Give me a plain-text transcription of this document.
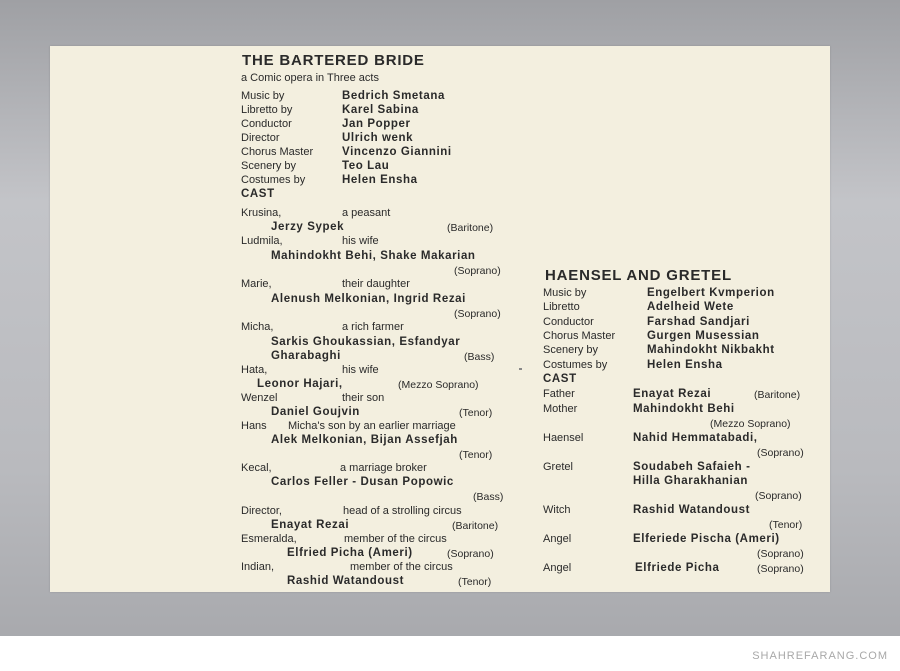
SHAHREFARANG.COM
THE BARTERED BRIDE
a Comic opera in Three acts
Music by	Bedrich Smetana
Libretto by	Karel Sabina
Conductor	Jan Popper
Director	Ulrich wenk
Chorus Master	Vincenzo Giannini
Scenery by	Teo Lau
Costumes by	Helen Ensha
CAST
Krusina,	a peasant
Jerzy Sypek	(Baritone)
Ludmila,	his wife
Mahindokht Behi, Shake Makarian
(Soprano)
Marie,	their daughter
Alenush Melkonian, Ingrid Rezai
(Soprano)
Micha,	a rich farmer
Sarkis Ghoukassian, Esfandyar
Gharabaghi	(Bass)
Hata,	his wife
Leonor Hajari,	(Mezzo Soprano)
Wenzel	their son
Daniel Goujvin	(Tenor)
Hans Micha's son by an earlier marriage
Alek Melkonian, Bijan Assefjah
(Tenor)
Kecal,	a marriage broker
Carlos Feller - Dusan Popowic
(Bass)
Director,	head of a strolling circus
Enayat Rezai	(Baritone)
Esmeralda,	member of the circus
Elfried Picha (Ameri)	(Soprano)
Indian,	member of the circus
Rashid Watandoust	(Tenor)
HAENSEL AND GRETEL
Music by	Engelbert Kvmperion
Libretto	Adelheid Wete
Conductor	Farshad Sandjari
Chorus Master	Gurgen Musessian
Scenery by	Mahindokht Nikbakht
Costumes by	Helen Ensha
CAST
Father	Enayat Rezai	(Baritone)
Mother	Mahindokht Behi
(Mezzo Soprano)
Haensel	Nahid Hemmatabadi,
(Soprano)
Gretel	Soudabeh Safaieh -
Hilla Gharakhanian
(Soprano)
Witch	Rashid Watandoust
(Tenor)
Angel	Elferiede Pischa (Ameri)
(Soprano)
Angel	Elfriede Picha	(Soprano)
